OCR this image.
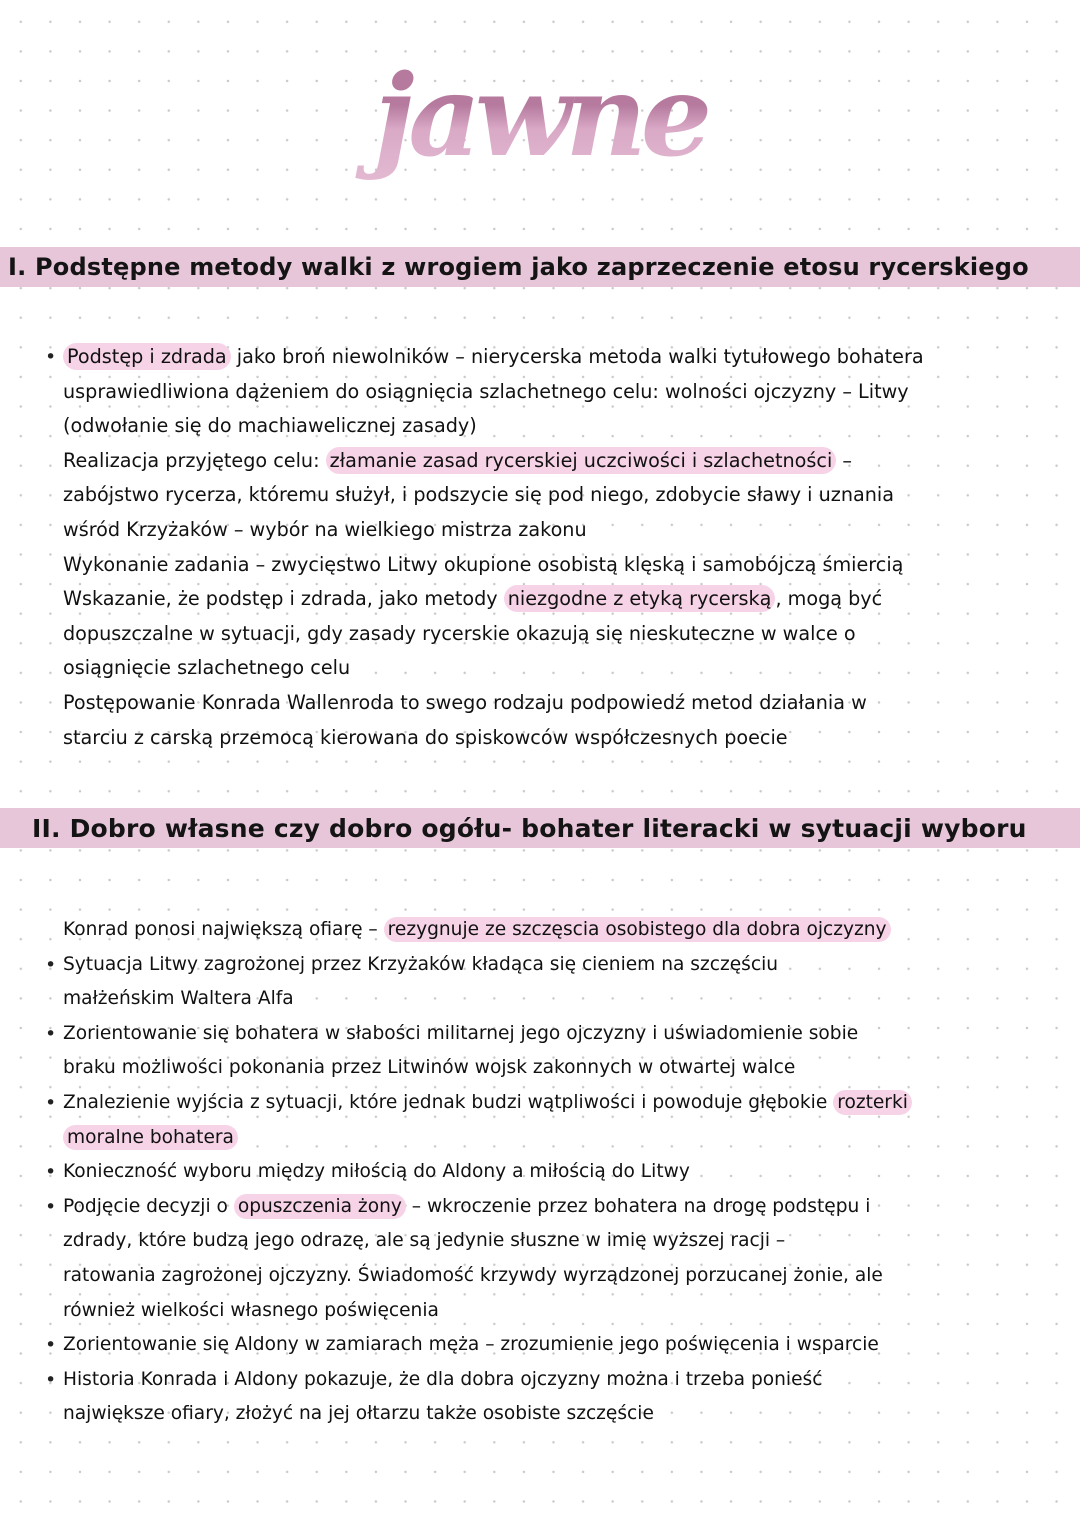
jawne
I. Podstępne metody walki z wrogiem jako zaprzeczenie etosu rycerskiego
• Podstęp i zdrada jako broń niewolników – nierycerska metoda walki tytułowego bohatera
usprawiedliwiona dążeniem do osiągnięcia szlachetnego celu: wolności ojczyzny – Litwy
(odwołanie się do machiawelicznej zasady)
Realizacja przyjętego celu: złamanie zasad rycerskiej uczciwości i szlachetności –
zabójstwo rycerza, któremu służył, i podszycie się pod niego, zdobycie sławy i uznania
wśród Krzyżaków – wybór na wielkiego mistrza zakonu
Wykonanie zadania – zwycięstwo Litwy okupione osobistą klęską i samobójczą śmiercią
Wskazanie, że podstęp i zdrada, jako metody niezgodne z etyką rycerską , mogą być
dopuszczalne w sytuacji, gdy zasady rycerskie okazują się nieskuteczne w walce o
osiągnięcie szlachetnego celu
Postępowanie Konrada Wallenroda to swego rodzaju podpowiedź metod działania w
starciu z carską przemocą kierowana do spiskowców współczesnych poecie
II. Dobro własne czy dobro ogółu- bohater literacki w sytuacji wyboru
Konrad ponosi największą ofiarę – rezygnuje ze szczęscia osobistego dla dobra ojczyzny
• Sytuacja Litwy zagrożonej przez Krzyżaków kładąca się cieniem na szczęściu
małżeńskim Waltera Alfa
• Zorientowanie się bohatera w słabości militarnej jego ojczyzny i uświadomienie sobie
braku możliwości pokonania przez Litwinów wojsk zakonnych w otwartej walce
• Znalezienie wyjścia z sytuacji, które jednak budzi wątpliwości i powoduje głębokie rozterki
moralne bohatera
• Konieczność wyboru między miłością do Aldony a miłością do Litwy
• Podjęcie decyzji o opuszczenia żony – wkroczenie przez bohatera na drogę podstępu i
zdrady, które budzą jego odrazę, ale są jedynie słuszne w imię wyższej racji –
ratowania zagrożonej ojczyzny. Świadomość krzywdy wyrządzonej porzucanej żonie, ale
również wielkości własnego poświęcenia
• Zorientowanie się Aldony w zamiarach męża – zrozumienie jego poświęcenia i wsparcie
• Historia Konrada i Aldony pokazuje, że dla dobra ojczyzny można i trzeba ponieść
największe ofiary, złożyć na jej ołtarzu także osobiste szczęście
